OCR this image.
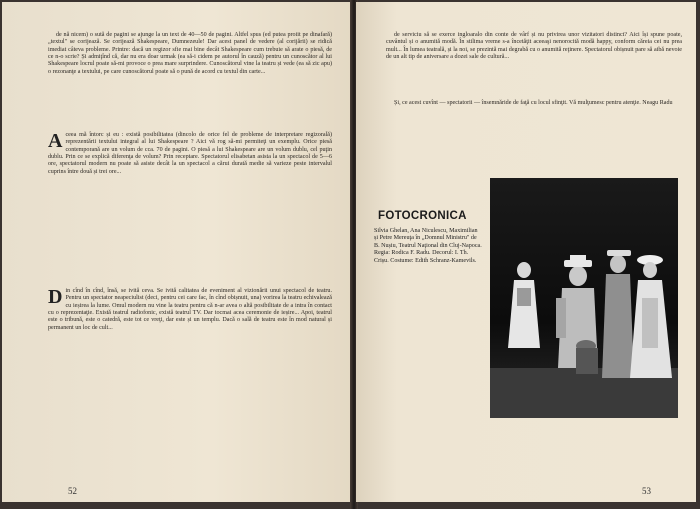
de nă nicem) o sută de pagini se ajunge la un text de 40—50 de pagini. Altfel spus (ed putea proiit pe dinafară) „textul" se corijează. Se corijează Shakespeare, Dumnezeule! Dar acest panel de vedere (al corijării) se ridică imediat câteva probleme. Printre: dacă un regizor sfie mai bine decât Shakespeare cum trebuie să arate o piesă, de ce n-o scrie? Și admiţînd că, dar nu era doar urmak (ea să-i cidem pe autorul în cauză) pentru un cunoscător al lui Shakespeare locrul poate să-mi provoce o prea mare surprindere. Cunoscătorul vine la teatru și vede (ea să zic apu) o rezonanţe a textului, pe care cunoscătorul poate să o pună de acord cu textul din carte...

A ceea mă întorc și eu : există posibilitatea (dincolo de orice fel de probleme de interpretare regizorală) reprezentării textului integral al lui Shakespeare ? Aici vă rog să-mi permiteţi un exemplu. Orice piesă contemporană are un volum de cca. 70 de pagini. O piesă a lui Shakespeare are un volum dublu, cel puţin dublu. Prin ce se explică diferenţa de volum? Prin receptare. Spectatorul elisabetan asista la un spectacol de 5—6 ore, spectatorul modern nu poate să asiste decât la un spectacol a cărui durată medie să varieze peste intervalul cuprins între două și trei ore...
D in cînd în cînd, însă, se ivită ceva. Se ivită calitatea de eveniment al vizionării unui spectacol de teatru. Pentru un spectator neapeciulist (deci, pentru cei care fac, în cînd obișnuit, una) vorirea la teatru echivalează cu ieșirea la lume. Omul modern nu vine la teatru pentru că n-ar avea o altă posibilitate de a intra în contact cu o reprezentaţie. Există teatrul radiofonic, există teatrul TV. Dar tocmai acea ceremonie de ieșire... Apoi, teatrul este o tribună, este o catedră, este tot ce vreţi, dar este și un templu. Dacă o sală de teatru este în mod natural și permanent un loc de cult...
52

de serviciu să se exerce ingloaralo din conte de vârf și nu privirea unor vizitatori distinct? Aici își spune poate, cuvântul și o anumită modă. În stilima vreme s-a încetăţit aceeaşi nenorocită modă happy, conform căreia cei nu prea mult... În lumea teatrală, și la noi, se prezintă mai degrabă cu o anumită reţinere. Spectatorul obișnuit pare să aibă nevoie de un alt tip de aniversare a dozei sale de cultură...

Și, ce acest cuvînt — spectatorii — însemnăride de faţă cu locul sfinţit. Vă mulţumesc pentru atenţie. Neagu Radu

FOTOCRONICA
Silvia Ghelan, Ana Niculescu, Maximilian și Petre Mereuţa în „Domnul Ministru" de B. Nușiu, Teatrul Naţional din Cluj-Napoca. Regia: Rodica F. Radu. Decorul: I. Th. Crișu. Costume: Edith Schranz-Kamevils.
53
